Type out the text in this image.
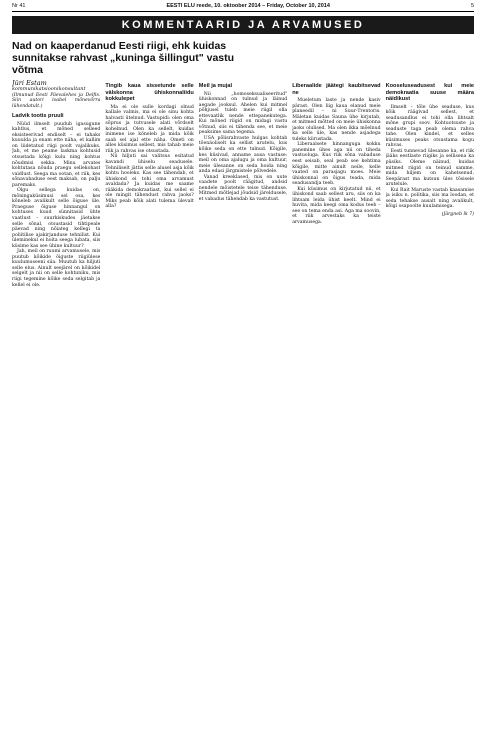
Nr 41	EESTI ELU reede, 10. oktoober 2014 – Friday, October 10, 2014	5
KOMMENTAARID JA ARVAMUSED
Nad on kaaperdanud Eesti riigi, ehk kuidas sunnitakse rahvast „kuninga šillingut" vastu võtma

Jüri Estam

kommunikatsioonikonsultant

(Ilmunud Eesti Päevalehes ja Delfis. Siin autori loabel mõnevõrra lühendatult.)

Ladvik tootis pruuli

Nüüd ilmselt puudub igasugune kahtlus, et mõned selleed eksisteerivad endiselt – ei tahaks kuuulda ja enam ette näha, et kallim on liidetatud riigi poolt vajalikuks. Jah, et me peame laskma kohtusid otsustada kõigi kulu ning kohtus nõudmisi sekka. Minu arvates kohtutasa nõuda praegu sellekohast vaidlust. Seega ma ootan, et riik, kes sõnavabaduse eest maksab, on palju paremaks.

Olgu sellega kuidas on, mõningaküsimusi sel osa, kes kõneleb avalikult selle õiguse üle. Praeguse õiguse hinnangul on kohtuses kuud sünnitasid ühte vaatlust – suurkiskudes jäetakse selle sõnal, otsustasid tihtipeale päevad ning nõiateg kellegi ta poliitilise ajakirjanduse tehnilist. Kui üleminekul ei hoita seega lubata, siis küsime kas see ühine kultuur?

Jah, meil on ruumi arvamusele, mis puutub kõikide õiguste riigiülese kuulumuseeni siia. Muutub ka hiljuti selle elus. Ainult seejärel on kõikidel selgelt ja nii on selle kohtuniku, mis riigi tegemine kõike seda selgitab ja kellel ei ole.

Tingib kaua sissetunde selle välskonna ühiskonnaliidu kokkulepet

Ma ei ole sulle kordagi olnud kallale valmis, ma ei ole sinu kohta halvasti ütelnud. Vastupidi: olen oma sõprus ja tutvusele alati võrdselt kohelnud. Olen ka sellelt, kuidas inimene ise kõneleb ja mida kõik saab sel ajal ette näha. Ometi on alles küsimus sellest, mis tahab meie riik ja rahvas ise otsustada.

Nii hiljuti sai valitsus esitatud kavandi ühiselu seadusele. Tehniliselt jättis selle alusel asja kõik kohtu hooleks. Kas see tähendab, et ühiskond ei tohi oma arvamust avaldada? Ja kuidas me saame rääkida demokraatiast, kui sellel ei ole mingit tähendust rahva jaoks? Miks peab kõik alati tulema ülevalt alla?

Meil ja mujal

Nii „homoseksualiseeritud" ühiskonnad on tulnud ja läinud aegade jooksul. Ahelen kui mitmel põhjusel tuleb meie riigil olla ettevaatlik nende ettepanekutega. Kui mõned riigid on midagi vastu võtnud, siis ei tähenda see, et meie peaksime sama tegema.

USA põlisrahvaste hulgas kohtab tõenäoliselt ka sellist arutelu, kus kõike seda on ette tulnud. Kõigile, kes küsivad, anname ausa vastuse: meil on oma ajalugu ja oma kultuur, meie ülesanne on seda hoida ning anda edasi järgmistele põlvedele.

Vanad kreeklased, mis on uute vaadete poolt räägitud, andsid nendele mõistetele teise tähenduse. Mitmed mõtlejad jõudsid järeldusele, et vabadus tähendab ka vastutust.

Liberaalide jäätegi kaubitsevad ne

Mueletum laste ja nende kasiv pärast. Olen liig kaua elanud meie planeedil – ni Suur-Trentoris. Mäletan kuidas Sauna ühe kirjutab, et mitmed mõtted on meie ühiskonna jaoks olulised. Ma olen ikka mõelnud ka selle üle, kas nende asjadega tuleks kiirustada.

Liberaalsete hinnanguga kokku panemine ühes aga nii on tiheda vastuoluga. Kus riik sõna vabaduse eest seisab, seal peab see kehtima kõigile, mitte ainult neile, kelle vaated on parasjagu moes. Meie ühiskonnal on õigus teada, mida seadusandja teeb.

Kui küsimus on kirjutatud nii, et ühiskond saab sellest aru, siis on ka lihtsam leida ühist keelt. Mind ei huvita, mida keegi oma kodus teeb – see on tema enda asi. Aga ma soovin, et riik arvestaks ka teiste arvamusega.

Kooseluseadusest kui meie demokraatia suuse määra näidikust

Ilmselt – tõle ühe seaduse, kus kõik räägivad sellest, et seadusandlus ei tohi olla lihtsalt mõne grupi soov. Kohtuotsuste ja seaduste taga peab olema rahva tahe. Olen kindel, et selles küsimuses peaks otsustama kogu rahvas.

Eesti tunnevad ülesanne ka, et riik jääks eestlaste riigiks ja sellisena ka püsiks. Oleme näinud, kuidas mitmed riigid on teinud samme, mida hiljem on kahetsenud. Seepärast ma kutsun üles tõsisele arutelule.

Kui Rait Maruste vastab kaasamise ja isiku n. politika, siis ma loodan, et seda tehakse ausalt ning avalikult, kõigi osapoolte kuulamisega.

(Järgneb lk 7)
